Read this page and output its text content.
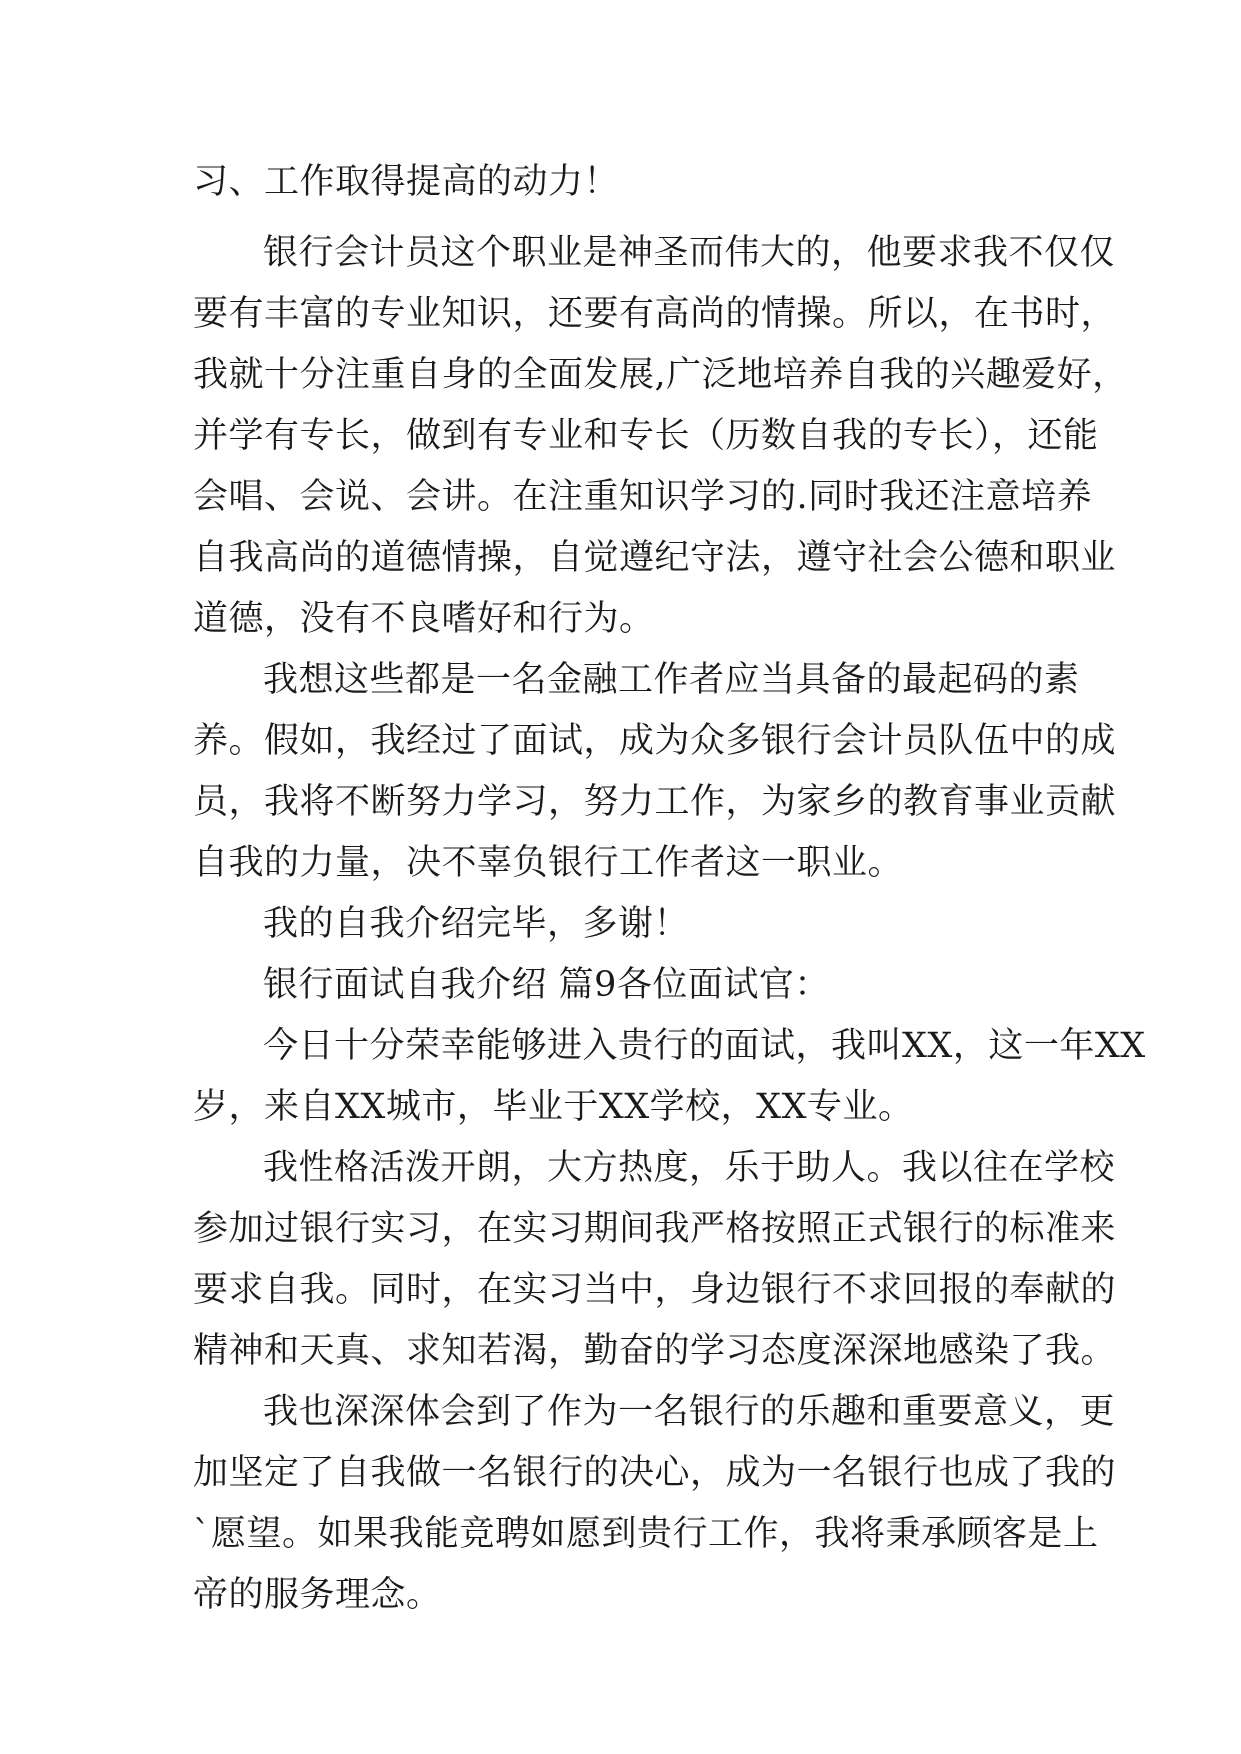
习、工作取得提高的动力！
银行会计员这个职业是神圣而伟大的，他要求我不仅仅
要有丰富的专业知识，还要有高尚的情操。所以，在书时，
我就十分注重自身的全面发展,广泛地培养自我的兴趣爱好，
并学有专长，做到有专业和专长（历数自我的专长），还能
会唱、会说、会讲。在注重知识学习的.同时我还注意培养
自我高尚的道德情操，自觉遵纪守法，遵守社会公德和职业
道德，没有不良嗜好和行为。
我想这些都是一名金融工作者应当具备的最起码的素
养。假如，我经过了面试，成为众多银行会计员队伍中的成
员，我将不断努力学习，努力工作，为家乡的教育事业贡献
自我的力量，决不辜负银行工作者这一职业。
我的自我介绍完毕，多谢！
银行面试自我介绍 篇9各位面试官：
今日十分荣幸能够进入贵行的面试，我叫XX，这一年XX
岁，来自XX城市，毕业于XX学校，XX专业。
我性格活泼开朗，大方热度，乐于助人。我以往在学校
参加过银行实习，在实习期间我严格按照正式银行的标准来
要求自我。同时，在实习当中，身边银行不求回报的奉献的
精神和天真、求知若渴，勤奋的学习态度深深地感染了我。
我也深深体会到了作为一名银行的乐趣和重要意义，更
加坚定了自我做一名银行的决心，成为一名银行也成了我的
`愿望。如果我能竞聘如愿到贵行工作，我将秉承顾客是上
帝的服务理念。
